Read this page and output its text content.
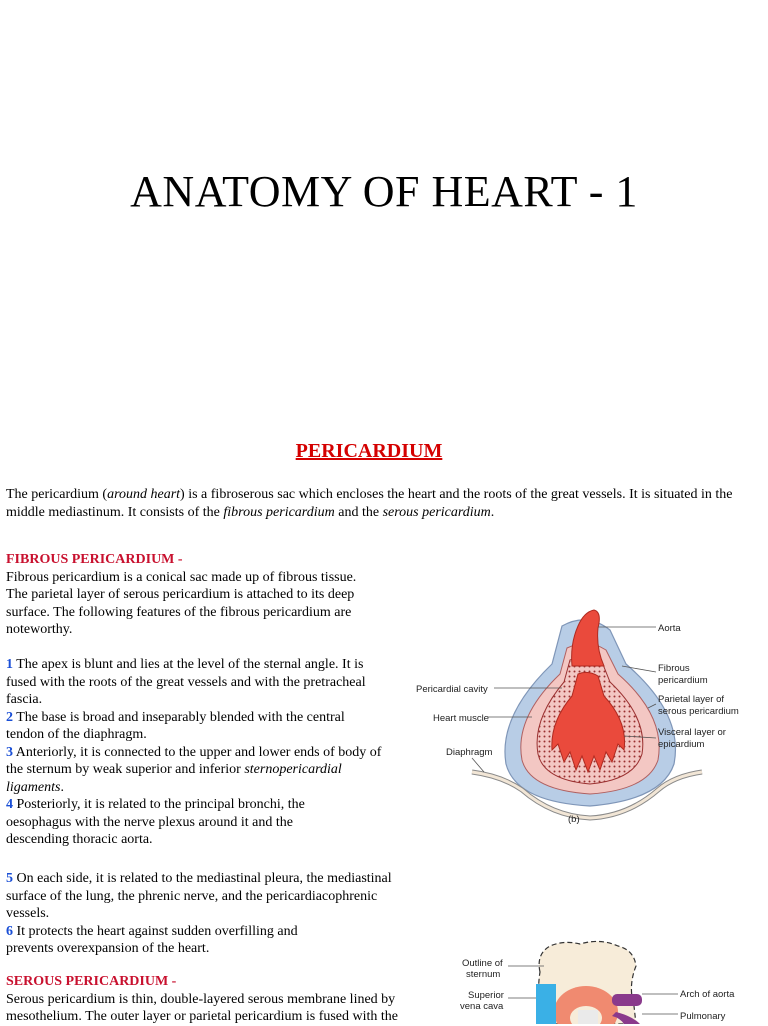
ANATOMY OF HEART - 1
PERICARDIUM

The pericardium (around heart) is a fibroserous sac which encloses the heart and the roots of the great vessels. It is situated in the middle mediastinum. It consists of the fibrous pericardium and the serous pericardium.

FIBROUS PERICARDIUM -

Fibrous pericardium is a conical sac made up of fibrous tissue. The parietal layer of serous pericardium is attached to its deep surface. The following features of the fibrous pericardium are noteworthy.

1 The apex is blunt and lies at the level of the sternal angle. It is fused with the roots of the great vessels and with the pretracheal fascia.

2 The base is broad and inseparably blended with the central tendon of the diaphragm.

3 Anteriorly, it is connected to the upper and lower ends of body of the sternum by weak superior and inferior sternopericardial ligaments.

4 Posteriorly, it is related to the principal bronchi, the oesophagus with the nerve plexus around it and the descending thoracic aorta.

5 On each side, it is related to the mediastinal pleura, the mediastinal surface of the lung, the phrenic nerve, and the pericardiacophrenic vessels.

6 It protects the heart against sudden overfilling and prevents overexpansion of the heart.

SEROUS PERICARDIUM -

Serous pericardium is thin, double-layered serous membrane lined by mesothelium. The outer layer or parietal pericardium is fused with the

Aorta
Fibrous
pericardium
Parietal layer of
serous pericardium
Visceral layer or
epicardium
Pericardial cavity
Heart muscle
Diaphragm
(b)
Outline of
sternum
Superior
vena cava
Arch of aorta
Pulmonary
